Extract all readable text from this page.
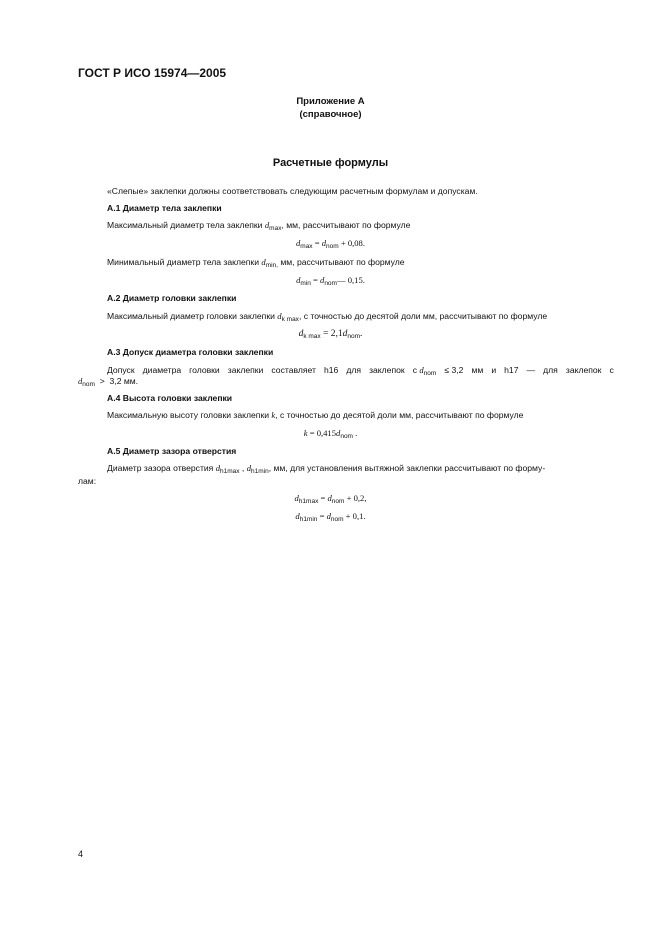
ГОСТ Р ИСО 15974—2005
Приложение А
(справочное)
Расчетные формулы
«Слепые» заклепки должны соответствовать следующим расчетным формулам и допускам.
А.1 Диаметр тела заклепки
Максимальный диаметр тела заклепки $d_{max}$, мм, рассчитывают по формуле
$d_{max} = d_{nom} + 0,08$.
Минимальный диаметр тела заклепки $d_{min,}$ мм, рассчитывают по формуле
$d_{min}$ = $d_{nom}—$ 0,15.
А.2 Диаметр головки заклепки
Максимальный диаметр головки заклепки $d_{k max}$, с точностью до десятой доли мм, рассчитывают по формуле
$d_{k max} = 2,1d_{nom}$.
А.3 Допуск диаметра головки заклепки
Допуск диаметра головки заклепки составляет h16 для заклепок с $d_{nom} \le 3,2$ мм и h17 — для заклепок с
$d_{nom} > 3,2$ мм.
А.4 Высота головки заклепки
Максимальную высоту головки заклепки k, с точностью до десятой доли мм, рассчитывают по формуле
$k = 0,415d_{nom}$ .
А.5 Диаметр зазора отверстия
Диаметр зазора отверстия $d_{h1max}$ , $d_{h1min}$, мм, для установления вытяжной заклепки рассчитывают по форму-
лам:
$d_{h1max} = d_{nom} + 0,2$,
$d_{h1min} = d_{nom} + 0,1$.
4
